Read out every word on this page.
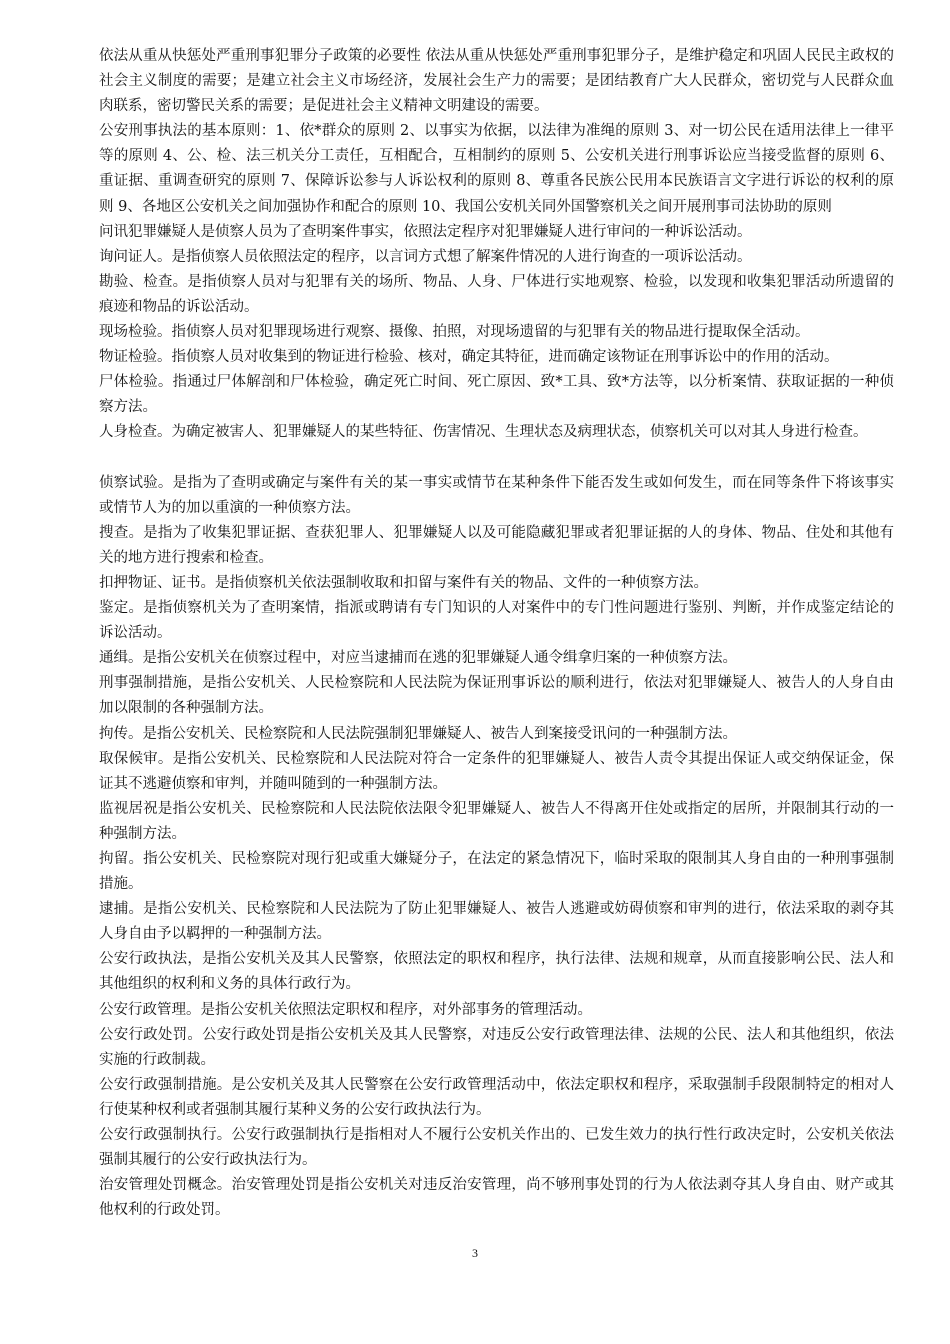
依法从重从快惩处严重刑事犯罪分子政策的必要性 依法从重从快惩处严重刑事犯罪分子，是维护稳定和巩固人民民主政权的社会主义制度的需要；是建立社会主义市场经济，发展社会生产力的需要；是团结教育广大人民群众，密切党与人民群众血肉联系，密切警民关系的需要；是促进社会主义精神文明建设的需要。

公安刑事执法的基本原则：1、依*群众的原则 2、以事实为依据，以法律为准绳的原则 3、对一切公民在适用法律上一律平等的原则 4、公、检、法三机关分工责任，互相配合，互相制约的原则 5、公安机关进行刑事诉讼应当接受监督的原则 6、重证据、重调查研究的原则 7、保障诉讼参与人诉讼权利的原则 8、尊重各民族公民用本民族语言文字进行诉讼的权利的原则 9、各地区公安机关之间加强协作和配合的原则 10、我国公安机关同外国警察机关之间开展刑事司法协助的原则

问讯犯罪嫌疑人是侦察人员为了查明案件事实，依照法定程序对犯罪嫌疑人进行审问的一种诉讼活动。

询问证人。是指侦察人员依照法定的程序，以言词方式想了解案件情况的人进行询查的一项诉讼活动。

勘验、检查。是指侦察人员对与犯罪有关的场所、物品、人身、尸体进行实地观察、检验，以发现和收集犯罪活动所遗留的痕迹和物品的诉讼活动。

现场检验。指侦察人员对犯罪现场进行观察、摄像、拍照，对现场遗留的与犯罪有关的物品进行提取保全活动。

物证检验。指侦察人员对收集到的物证进行检验、核对，确定其特征，进而确定该物证在刑事诉讼中的作用的活动。

尸体检验。指通过尸体解剖和尸体检验，确定死亡时间、死亡原因、致*工具、致*方法等，以分析案情、获取证据的一种侦察方法。

人身检查。为确定被害人、犯罪嫌疑人的某些特征、伤害情况、生理状态及病理状态，侦察机关可以对其人身进行检查。

侦察试验。是指为了查明或确定与案件有关的某一事实或情节在某种条件下能否发生或如何发生，而在同等条件下将该事实或情节人为的加以重演的一种侦察方法。

搜查。是指为了收集犯罪证据、查获犯罪人、犯罪嫌疑人以及可能隐藏犯罪或者犯罪证据的人的身体、物品、住处和其他有关的地方进行搜索和检查。

扣押物证、证书。是指侦察机关依法强制收取和扣留与案件有关的物品、文件的一种侦察方法。

鉴定。是指侦察机关为了查明案情，指派或聘请有专门知识的人对案件中的专门性问题进行鉴别、判断，并作成鉴定结论的诉讼活动。

通缉。是指公安机关在侦察过程中，对应当逮捕而在逃的犯罪嫌疑人通令缉拿归案的一种侦察方法。

刑事强制措施，是指公安机关、人民检察院和人民法院为保证刑事诉讼的顺利进行，依法对犯罪嫌疑人、被告人的人身自由加以限制的各种强制方法。

拘传。是指公安机关、民检察院和人民法院强制犯罪嫌疑人、被告人到案接受讯问的一种强制方法。

取保候审。是指公安机关、民检察院和人民法院对符合一定条件的犯罪嫌疑人、被告人责令其提出保证人或交纳保证金，保证其不逃避侦察和审判，并随叫随到的一种强制方法。

监视居祝是指公安机关、民检察院和人民法院依法限令犯罪嫌疑人、被告人不得离开住处或指定的居所，并限制其行动的一种强制方法。

拘留。指公安机关、民检察院对现行犯或重大嫌疑分子，在法定的紧急情况下，临时采取的限制其人身自由的一种刑事强制措施。

逮捕。是指公安机关、民检察院和人民法院为了防止犯罪嫌疑人、被告人逃避或妨碍侦察和审判的进行，依法采取的剥夺其人身自由予以羁押的一种强制方法。

公安行政执法，是指公安机关及其人民警察，依照法定的职权和程序，执行法律、法规和规章，从而直接影响公民、法人和其他组织的权利和义务的具体行政行为。

公安行政管理。是指公安机关依照法定职权和程序，对外部事务的管理活动。

公安行政处罚。公安行政处罚是指公安机关及其人民警察，对违反公安行政管理法律、法规的公民、法人和其他组织，依法实施的行政制裁。

公安行政强制措施。是公安机关及其人民警察在公安行政管理活动中，依法定职权和程序，采取强制手段限制特定的相对人行使某种权利或者强制其履行某种义务的公安行政执法行为。

公安行政强制执行。公安行政强制执行是指相对人不履行公安机关作出的、已发生效力的执行性行政决定时，公安机关依法强制其履行的公安行政执法行为。

治安管理处罚概念。治安管理处罚是指公安机关对违反治安管理，尚不够刑事处罚的行为人依法剥夺其人身自由、财产或其他权利的行政处罚。

3
